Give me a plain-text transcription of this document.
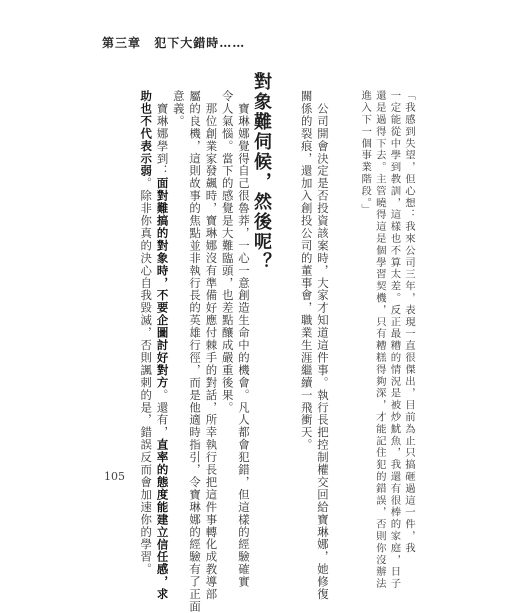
第三章 犯下大錯時……
「我感到失望，但心想：我來公司三年，表現一直很傑出，目前為止只搞砸過這一件，我
一定能從中學到教訓，這樣也不算太差。反正最糟的情況是被炒魷魚，我還有很棒的家庭，日子
還是過得下去。主管曉得這是個學習契機，只有糟糕得夠深，才能記住犯的錯誤，否則你沒辦法
進入下一個事業階段。」
　公司開會決定是否投資該案時，大家才知道這件事。執行長把控制權交回給寶琳娜，她修復
關係的裂痕，還加入創投公司的董事會，職業生涯繼續一飛衝天。
對象難伺候，然後呢？
　寶琳娜覺得自己很魯莽，一心一意創造生命中的機會。凡人都會犯錯，但這樣的經驗確實
令人氣惱。當下的感覺是大難臨頭，也差點釀成嚴重後果。
　那位創業家發飆時，寶琳娜沒有準備好應付棘手的對話，所幸執行長把這件事轉化成教導部
屬的良機，這則故事的焦點並非執行長的英雄行徑，而是他適時指引，令寶琳娜的經驗有了正面
意義。
　寶琳娜學到：面對難搞的對象時，不要企圖討好對方。還有，直率的態度能建立信任感，求
助也不代表示弱。除非你真的決心自我毀滅，否則諷刺的是，錯誤反而會加速你的學習。
105
